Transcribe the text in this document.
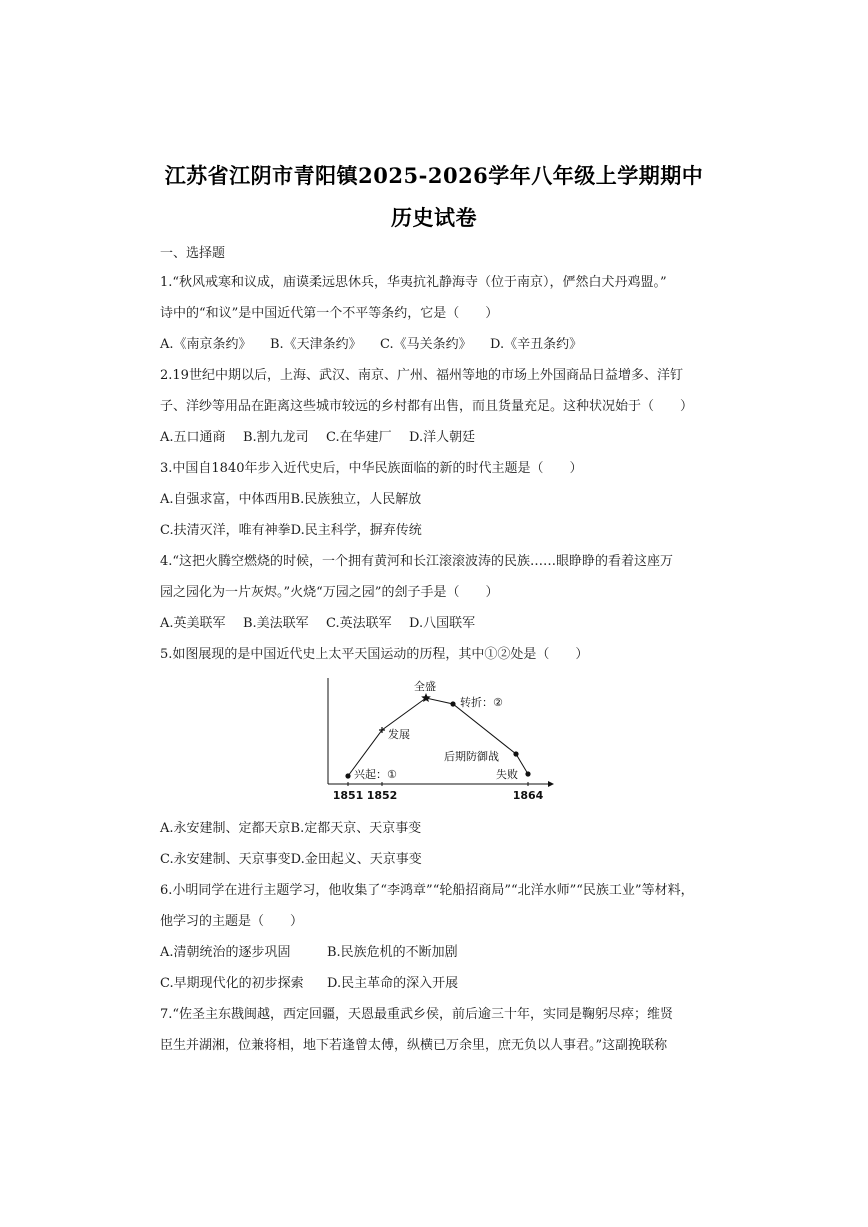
江苏省江阴市青阳镇2025-2026学年八年级上学期期中
历史试卷
一、选择题
1.“秋风戒寒和议成，庙谟柔远思休兵，华夷抗礼静海寺（位于南京），俨然白犬丹鸡盟。”
诗中的“和议”是中国近代第一个不平等条约，它是（　　）
A.《南京条约》 B.《天津条约》 C.《马关条约》 D.《辛丑条约》
2.19世纪中期以后，上海、武汉、南京、广州、福州等地的市场上外国商品日益增多、洋钉
子、洋纱等用品在距离这些城市较远的乡村都有出售，而且货量充足。这种状况始于（　　）
A.五口通商 B.割九龙司 C.在华建厂 D.洋人朝廷
3.中国自1840年步入近代史后，中华民族面临的新的时代主题是（　　）
A.自强求富，中体西用B.民族独立，人民解放
C.扶清灭洋，唯有神拳D.民主科学，摒弃传统
4.“这把火腾空燃烧的时候，一个拥有黄河和长江滚滚波涛的民族……眼睁睁的看着这座万
园之园化为一片灰烬。”火烧“万园之园”的刽子手是（　　）
A.英美联军 B.美法联军 C.英法联军 D.八国联军
5.如图展现的是中国近代史上太平天国运动的历程，其中①②处是（　　）
兴起：①
发展
全盛
转折：②
后期防御战
失败
1851 1852	1864
A.永安建制、定都天京B.定都天京、天京事变
C.永安建制、天京事变D.金田起义、天京事变
6.小明同学在进行主题学习，他收集了“李鸿章”“轮船招商局”“北洋水师”“民族工业”等材料，
他学习的主题是（　　）
A.清朝统治的逐步巩固	B.民族危机的不断加剧
C.早期现代化的初步探索 D.民主革命的深入开展
7.“佐圣主东戡闽越，西定回疆，天恩最重武乡侯，前后逾三十年，实同是鞠躬尽瘁；维贤
臣生并湖湘，位兼将相，地下若逢曾太傅，纵横已万余里，庶无负以人事君。”这副挽联称
